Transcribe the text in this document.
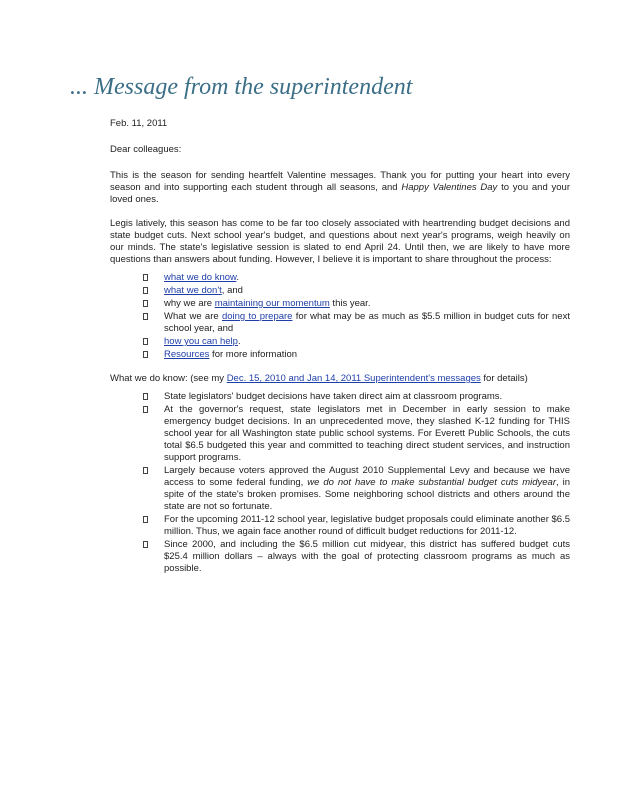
... Message from the superintendent

Feb. 11, 2011

Dear colleagues:

This is the season for sending heartfelt Valentine messages. Thank you for putting your heart into every season and into supporting each student through all seasons, and Happy Valentines Day to you and your loved ones.

Legis latively, this season has come to be far too closely associated with heartrending budget decisions and state budget cuts. Next school year's budget, and questions about next year's programs, weigh heavily on our minds. The state's legislative session is slated to end April 24. Until then, we are likely to have more questions than answers about funding. However, I believe it is important to share throughout the process:

what we do know.
what we don't, and
why we are maintaining our momentum this year.
What we are doing to prepare for what may be as much as $5.5 million in budget cuts for next school year, and
how you can help.
Resources for more information

What we do know: (see my Dec. 15, 2010 and Jan 14, 2011 Superintendent's messages for details)

State legislators' budget decisions have taken direct aim at classroom programs.
At the governor's request, state legislators met in December in early session to make emergency budget decisions. In an unprecedented move, they slashed K-12 funding for THIS school year for all Washington state public school systems. For Everett Public Schools, the cuts total $6.5 budgeted this year and committed to teaching direct student services, and instruction support programs.
Largely because voters approved the August 2010 Supplemental Levy and because we have access to some federal funding, we do not have to make substantial budget cuts midyear, in spite of the state's broken promises. Some neighboring school districts and others around the state are not so fortunate.
For the upcoming 2011-12 school year, legislative budget proposals could eliminate another $6.5 million. Thus, we again face another round of difficult budget reductions for 2011-12.
Since 2000, and including the $6.5 million cut midyear, this district has suffered budget cuts $25.4 million dollars – always with the goal of protecting classroom programs as much as possible.
